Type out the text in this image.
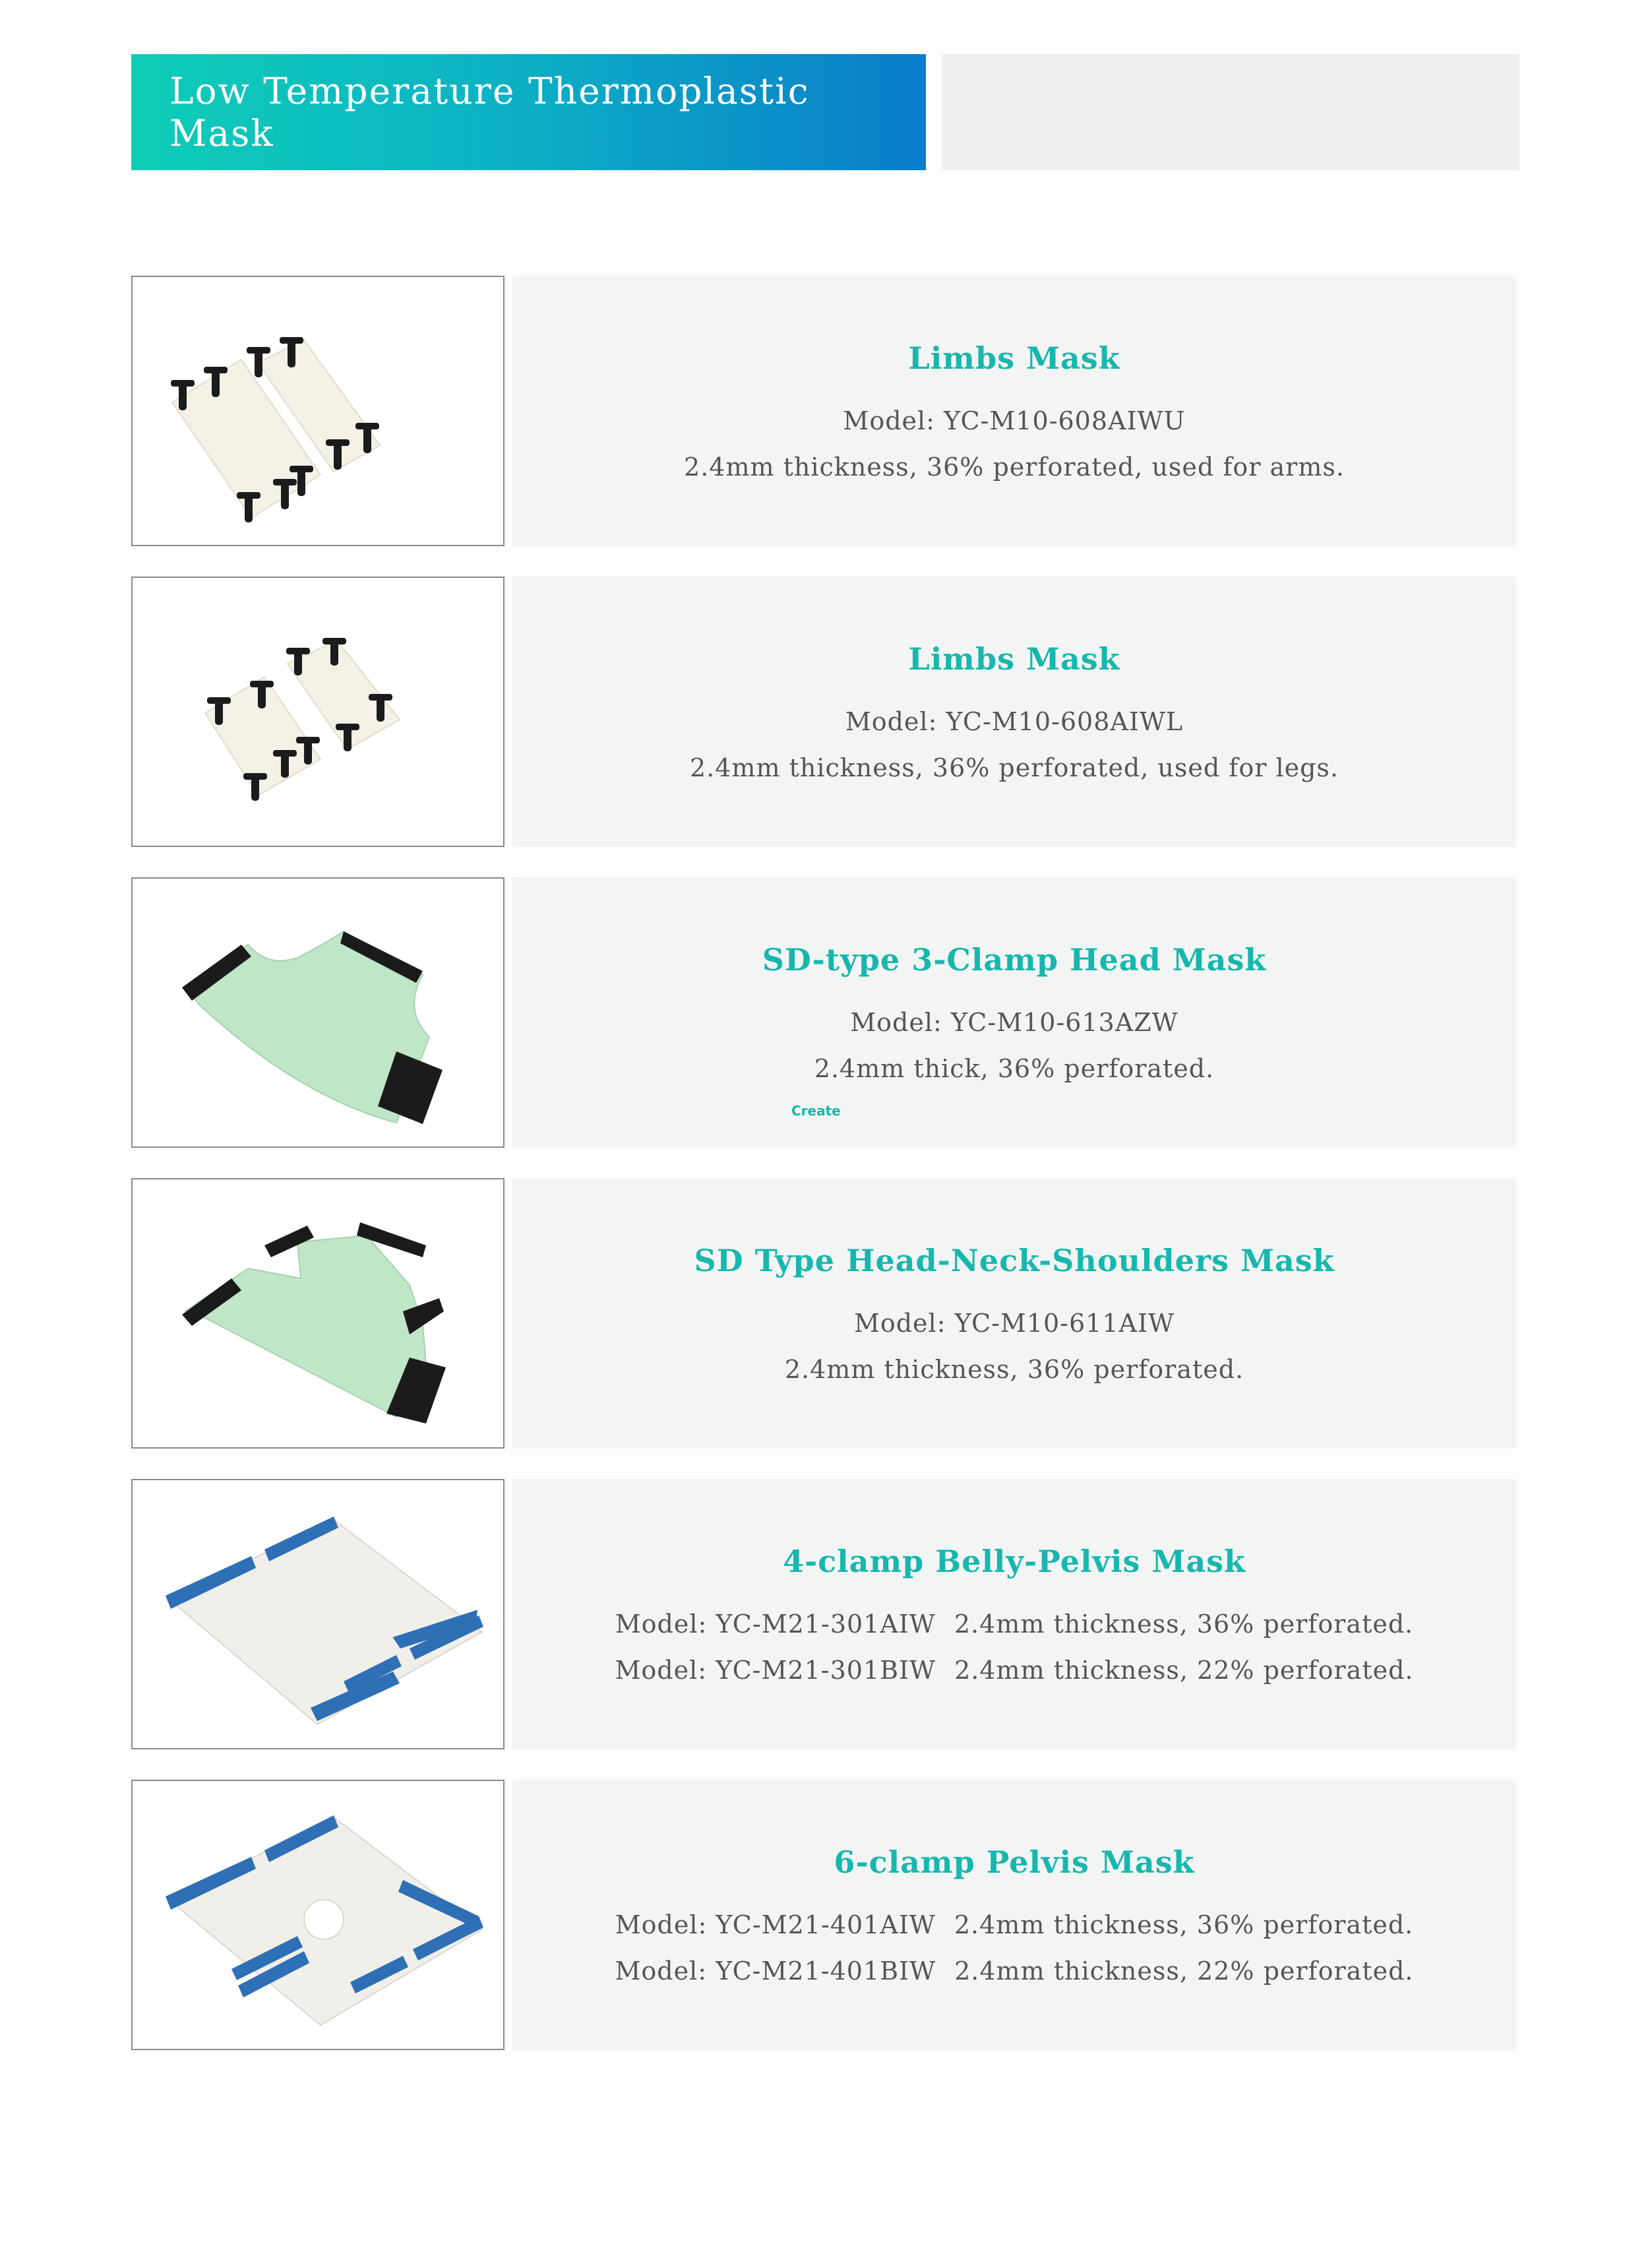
Low Temperature Thermoplastic Mask
Limbs Mask
Model: YC-M10-608AIWU
2.4mm thickness, 36% perforated, used for arms.
Limbs Mask
Model: YC-M10-608AIWL
2.4mm thickness, 36% perforated, used for legs.
SD-type 3-Clamp Head Mask
Model: YC-M10-613AZW
2.4mm thick, 36% perforated.
SD Type Head-Neck-Shoulders Mask
Model: YC-M10-611AIW
2.4mm thickness, 36% perforated.
4-clamp Belly-Pelvis Mask
Model: YC-M21-301AIW 2.4mm thickness, 36% perforated.
Model: YC-M21-301BIW 2.4mm thickness, 22% perforated.
6-clamp Pelvis Mask
Model: YC-M21-401AIW 2.4mm thickness, 36% perforated.
Model: YC-M21-401BIW 2.4mm thickness, 22% perforated.
Create
